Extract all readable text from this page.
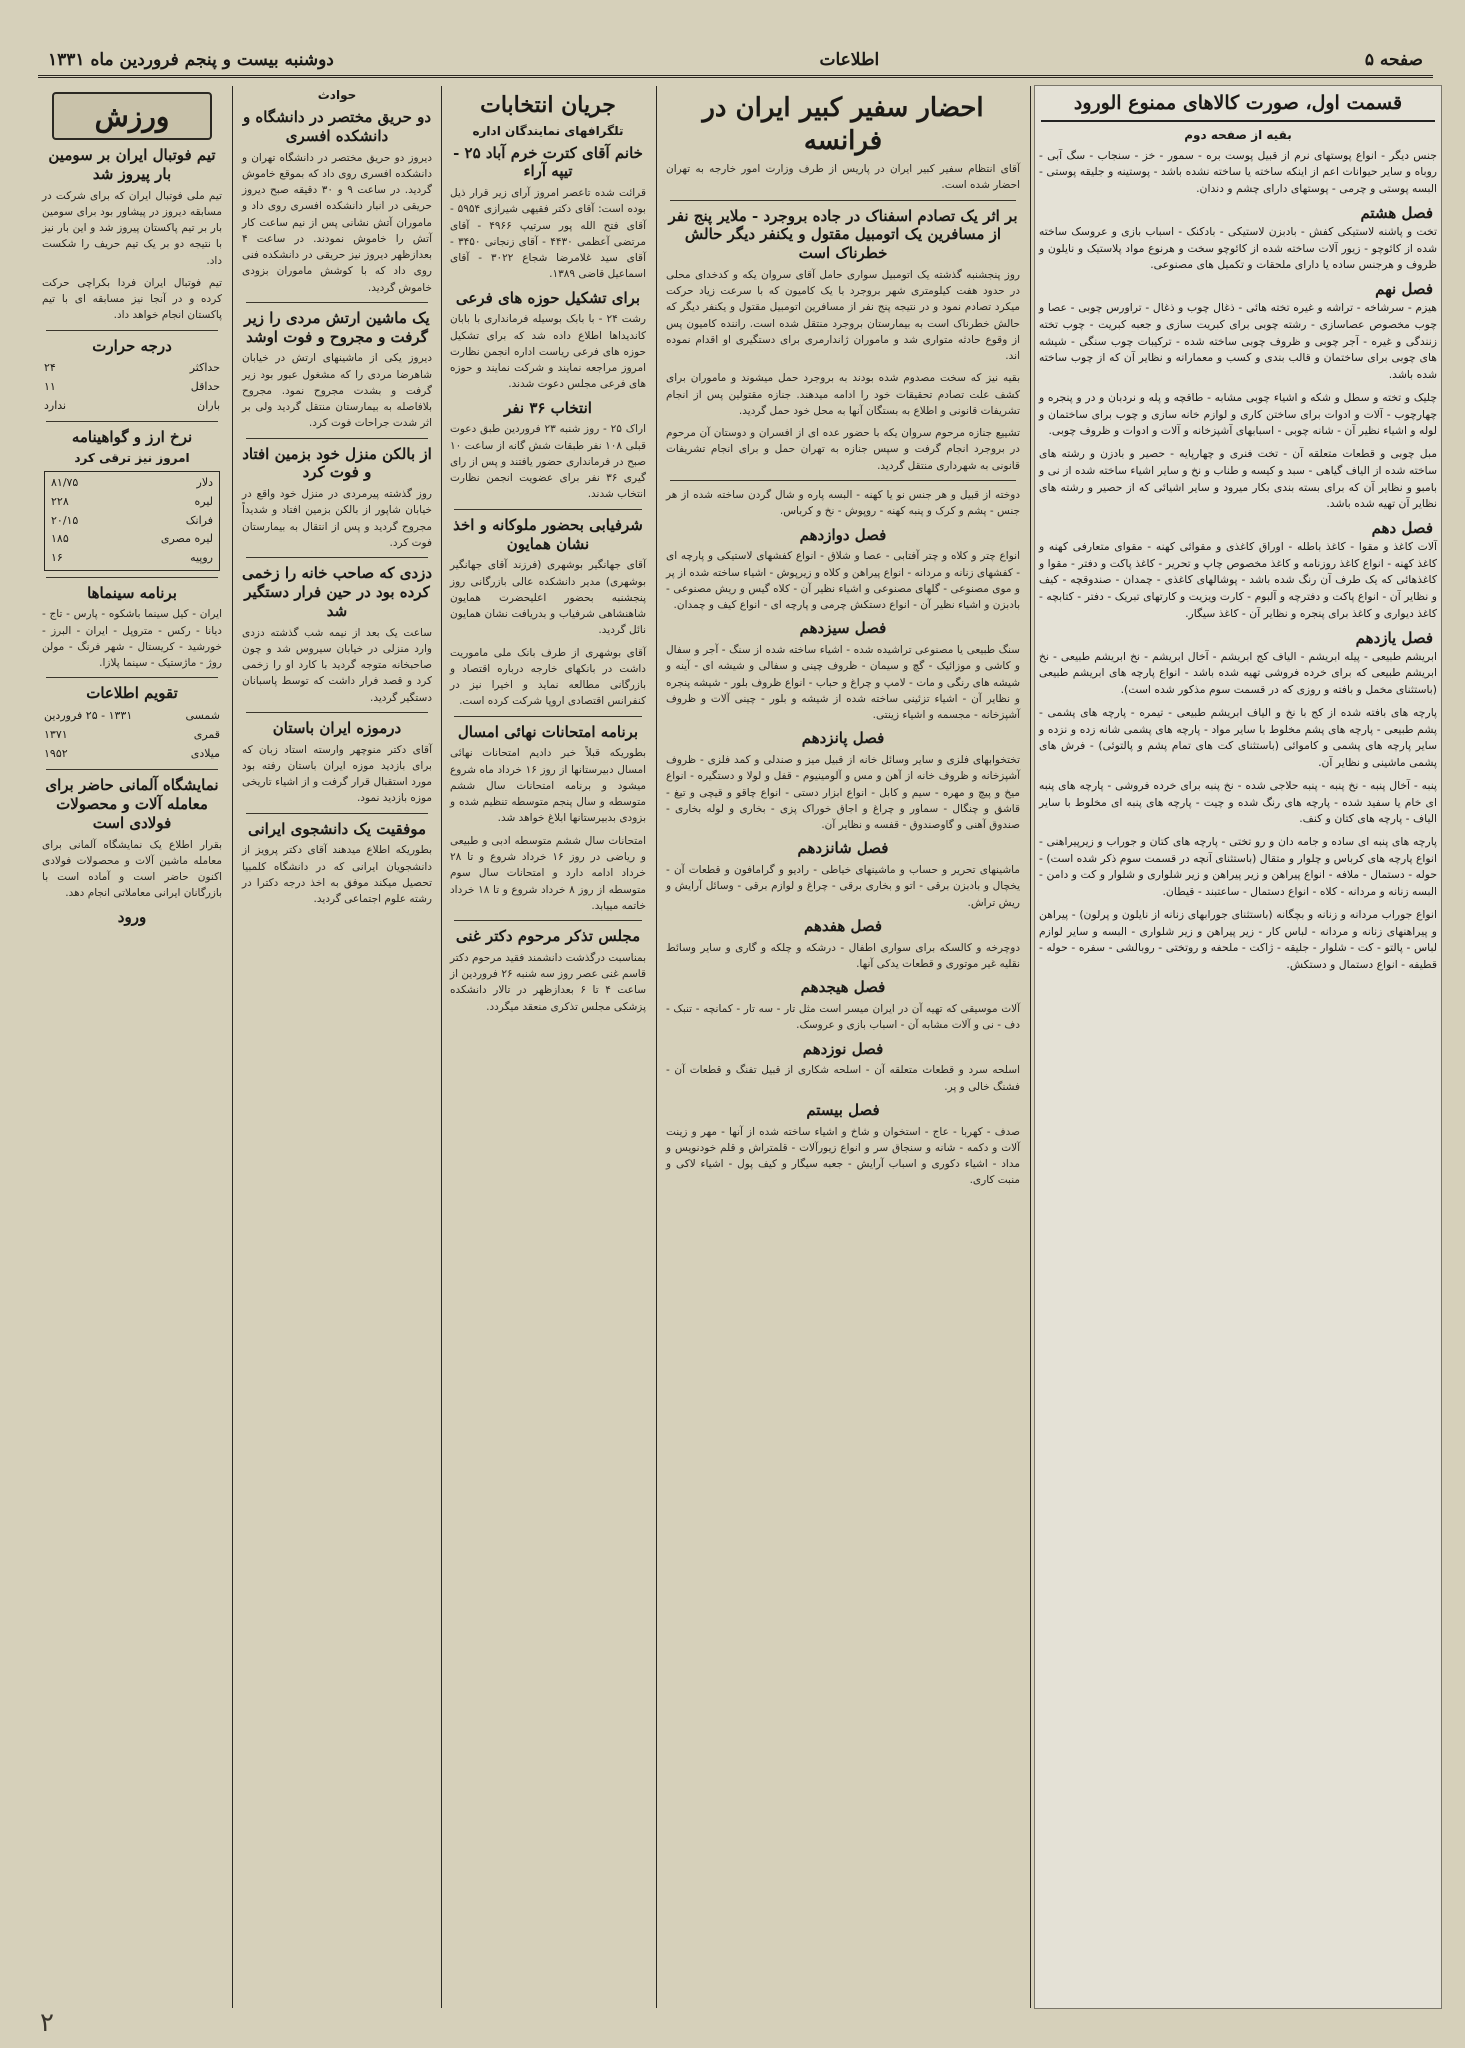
صفحه ۵
اطلاعات
دوشنبه بیست و پنجم فروردین ماه ۱۳۳۱
قسمت اول، صورت کالاهای ممنوع الورود
بقیه از صفحه دوم

جنس دیگر - انواع پوستهای نرم از قبیل پوست بره - سمور - خز - سنجاب - سگ آبی - روباه و سایر حیوانات اعم از اینکه ساخته یا ساخته نشده باشد - پوستینه و جلیقه پوستی - البسه پوستی و چرمی - پوستهای دارای چشم و دندان.

فصل هشتم

تخت و پاشنه لاستیکی کفش - بادبزن لاستیکی - بادکنک - اسباب بازی و عروسک ساخته شده از کائوچو - زیور آلات ساخته شده از کائوچو سخت و هرنوع مواد پلاستیک و نایلون و ظروف و هرجنس ساده یا دارای ملحقات و تکمیل های مصنوعی.

فصل نهم

هیزم - سرشاخه - تراشه و غیره تخته هائی - ذغال چوب و ذغال - تراورس چوبی - عصا و چوب مخصوص عصاسازی - رشته چوبی برای کبریت سازی و جعبه کبریت - چوب تخته زنندگی و غیره - آجر چوبی و ظروف چوبی ساخته شده - ترکیبات چوب سنگی - شیشه های چوبی برای ساختمان و قالب بندی و کسب و معمارانه و نظایر آن که از چوب ساخته شده باشد.

چلیک و تخته و سطل و شکه و اشیاء چوبی مشابه - طاقچه و پله و نردبان و در و پنجره و چهارچوب - آلات و ادوات برای ساختن کاری و لوازم خانه سازی و چوب برای ساختمان و لوله و اشیاء نظیر آن - شانه چوبی - اسبابهای آشپزخانه و آلات و ادوات و ظروف چوبی.

مبل چوبی و قطعات متعلقه آن - تخت فنری و چهارپایه - حصیر و بادزن و رشته های ساخته شده از الیاف گیاهی - سبد و کیسه و طناب و نخ و سایر اشیاء ساخته شده از نی و بامبو و نظایر آن که برای بسته بندی بکار میرود و سایر اشیائی که از حصیر و رشته های نظایر آن تهیه شده باشد.

فصل دهم

آلات کاغذ و مقوا - کاغذ باطله - اوراق کاغذی و مقوائی کهنه - مقوای متعارفی کهنه و کاغذ کهنه - انواع کاغذ روزنامه و کاغذ مخصوص چاپ و تحریر - کاغذ پاکت و دفتر - مقوا و کاغذهائی که یک طرف آن رنگ شده باشد - پوشالهای کاغذی - چمدان - صندوقچه - کیف و نظایر آن - انواع پاکت و دفترچه و آلبوم - کارت ویزیت و کارتهای تبریک - دفتر - کتابچه - کاغذ دیواری و کاغذ برای پنجره و نظایر آن - کاغذ سیگار.

فصل یازدهم

ابریشم طبیعی - پیله ابریشم - الیاف کج ابریشم - آخال ابریشم - نخ ابریشم طبیعی - نخ ابریشم طبیعی که برای خرده فروشی تهیه شده باشد - انواع پارچه های ابریشم طبیعی (باستثنای مخمل و بافته و روزی که در قسمت سوم مذکور شده است).

پارچه های بافته شده از کج با نخ و الیاف ابریشم طبیعی - تیمره - پارچه های پشمی - پشم طبیعی - پارچه های پشم مخلوط با سایر مواد - پارچه های پشمی شانه زده و نزده و سایر پارچه های پشمی و کاموائی (باستثنای کت های تمام پشم و پالتوئی) - فرش های پشمی ماشینی و نظایر آن.

پنبه - آخال پنبه - نخ پنبه - پنبه حلاجی شده - نخ پنبه برای خرده فروشی - پارچه های پنبه ای خام یا سفید شده - پارچه های رنگ شده و چیت - پارچه های پنبه ای مخلوط با سایر الیاف - پارچه های کتان و کنف.

پارچه های پنبه ای ساده و جامه دان و رو تختی - پارچه های کتان و جوراب و زیرپیراهنی - انواع پارچه های کرباس و چلوار و متقال (باستثنای آنچه در قسمت سوم ذکر شده است) - حوله - دستمال - ملافه - انواع پیراهن و زیر پیراهن و زیر شلواری و شلوار و کت و دامن - البسه زنانه و مردانه - کلاه - انواع دستمال - ساعتبند - قیطان.

انواع جوراب مردانه و زنانه و بچگانه (باستثنای جورابهای زنانه از نایلون و پرلون) - پیراهن و پیراهنهای زنانه و مردانه - لباس کار - زیر پیراهن و زیر شلواری - البسه و سایر لوازم لباس - پالتو - کت - شلوار - جلیقه - ژاکت - ملحفه و روتختی - روبالشی - سفره - حوله - قطیفه - انواع دستمال و دستکش.

احضار سفیر کبیر ایران در فرانسه

آقای انتظام سفیر کبیر ایران در پاریس از طرف وزارت امور خارجه به تهران احضار شده است.

بر اثر یک تصادم اسفناک در جاده بروجرد - ملایر پنج نفر از مسافرین یک اتومبیل مقتول و یکنفر دیگر حالش خطرناک است

روز پنجشنبه گذشته یک اتومبیل سواری حامل آقای سروان یکه و کدخدای محلی در حدود هفت کیلومتری شهر بروجرد با یک کامیون که با سرعت زیاد حرکت میکرد تصادم نمود و در نتیجه پنج نفر از مسافرین اتومبیل مقتول و یکنفر دیگر که حالش خطرناک است به بیمارستان بروجرد منتقل شده است. راننده کامیون پس از وقوع حادثه متواری شد و ماموران ژاندارمری برای دستگیری او اقدام نموده اند.

بقیه نیز که سخت مصدوم شده بودند به بروجرد حمل میشوند و ماموران برای کشف علت تصادم تحقیقات خود را ادامه میدهند. جنازه مقتولین پس از انجام تشریفات قانونی و اطلاع به بستگان آنها به محل خود حمل گردید.

تشییع جنازه مرحوم سروان یکه با حضور عده ای از افسران و دوستان آن مرحوم در بروجرد انجام گرفت و سپس جنازه به تهران حمل و برای انجام تشریفات قانونی به شهرداری منتقل گردید.

دوخته از قبیل و هر جنس نو یا کهنه - البسه پاره و شال گردن ساخته شده از هر جنس - پشم و کرک و پنبه کهنه - روپوش - نخ و کرباس.

فصل دوازدهم

انواع چتر و کلاه و چتر آفتابی - عصا و شلاق - انواع کفشهای لاستیکی و پارچه ای - کفشهای زنانه و مردانه - انواع پیراهن و کلاه و زیرپوش - اشیاء ساخته شده از پر و موی مصنوعی - گلهای مصنوعی و اشیاء نظیر آن - کلاه گیس و ریش مصنوعی - بادبزن و اشیاء نظیر آن - انواع دستکش چرمی و پارچه ای - انواع کیف و چمدان.

فصل سیزدهم

سنگ طبیعی یا مصنوعی تراشیده شده - اشیاء ساخته شده از سنگ - آجر و سفال و کاشی و موزائیک - گچ و سیمان - ظروف چینی و سفالی و شیشه ای - آینه و شیشه های رنگی و مات - لامپ و چراغ و حباب - انواع ظروف بلور - شیشه پنجره و نظایر آن - اشیاء تزئینی ساخته شده از شیشه و بلور - چینی آلات و ظروف آشپزخانه - مجسمه و اشیاء زینتی.

فصل پانزدهم

تختخوابهای فلزی و سایر وسائل خانه از قبیل میز و صندلی و کمد فلزی - ظروف آشپزخانه و ظروف خانه از آهن و مس و آلومینیوم - قفل و لولا و دستگیره - انواع میخ و پیچ و مهره - سیم و کابل - انواع ابزار دستی - انواع چاقو و قیچی و تیغ - قاشق و چنگال - سماور و چراغ و اجاق خوراک پزی - بخاری و لوله بخاری - صندوق آهنی و گاوصندوق - قفسه و نظایر آن.

فصل شانزدهم

ماشینهای تحریر و حساب و ماشینهای خیاطی - رادیو و گرامافون و قطعات آن - یخچال و بادبزن برقی - اتو و بخاری برقی - چراغ و لوازم برقی - وسائل آرایش و ریش تراش.

فصل هفدهم

دوچرخه و کالسکه برای سواری اطفال - درشکه و چلکه و گاری و سایر وسائط نقلیه غیر موتوری و قطعات یدکی آنها.

فصل هیجدهم

آلات موسیقی که تهیه آن در ایران میسر است مثل تار - سه تار - کمانچه - تنبک - دف - نی و آلات مشابه آن - اسباب بازی و عروسک.

فصل نوزدهم

اسلحه سرد و قطعات متعلقه آن - اسلحه شکاری از قبیل تفنگ و قطعات آن - فشنگ خالی و پر.

فصل بیستم

صدف - کهربا - عاج - استخوان و شاخ و اشیاء ساخته شده از آنها - مهر و زینت آلات و دکمه - شانه و سنجاق سر و انواع زیورآلات - قلمتراش و قلم خودنویس و مداد - اشیاء دکوری و اسباب آرایش - جعبه سیگار و کیف پول - اشیاء لاکی و منبت کاری.

جریان انتخابات
تلگرافهای نمایندگان اداره
خانم آقای کترت خرم آباد ۲۵ - تیپه آراء

قرائت شده تاعصر امروز آرای زیر قرار ذیل بوده است: آقای دکتر فقیهی شیرازی ۵۹۵۴ - آقای فتح الله پور سرتیپ ۴۹۶۶ - آقای مرتضی آعظمی ۴۴۳۰ - آقای زنجانی ۳۴۵۰ - آقای سید غلامرضا شجاع ۳۰۲۲ - آقای اسماعیل قاضی ۱۳۸۹.

برای تشکیل حوزه های فرعی

رشت ۲۴ - با بابک بوسیله فرمانداری با بابان کاندیداها اطلاع داده شد که برای تشکیل حوزه های فرعی ریاست اداره انجمن نظارت امروز مراجعه نمایند و شرکت نمایند و حوزه های فرعی مجلس دعوت شدند.

انتخاب ۳۶ نفر

اراک ۲۵ - روز شنبه ۲۳ فروردین طبق دعوت قبلی ۱۰۸ نفر طبقات شش گانه از ساعت ۱۰ صبح در فرمانداری حضور یافتند و پس از رای گیری ۳۶ نفر برای عضویت انجمن نظارت انتخاب شدند.

شرفیابی بحضور ملوکانه و اخذ نشان همایون

آقای جهانگیر بوشهری (فرزند آقای جهانگیر بوشهری) مدیر دانشکده عالی بازرگانی روز پنجشنبه بحضور اعلیحضرت همایون شاهنشاهی شرفیاب و بدریافت نشان همایون نائل گردید.

آقای بوشهری از طرف بانک ملی ماموریت داشت در بانکهای خارجه درباره اقتصاد و بازرگانی مطالعه نماید و اخیرا نیز در کنفرانس اقتصادی اروپا شرکت کرده است.

برنامه امتحانات نهائی امسال

بطوریکه قبلاً خبر دادیم امتحانات نهائی امسال دبیرستانها از روز ۱۶ خرداد ماه شروع میشود و برنامه امتحانات سال ششم متوسطه و سال پنجم متوسطه تنظیم شده و بزودی بدبیرستانها ابلاغ خواهد شد.

امتحانات سال ششم متوسطه ادبی و طبیعی و ریاضی در روز ۱۶ خرداد شروع و تا ۲۸ خرداد ادامه دارد و امتحانات سال سوم متوسطه از روز ۸ خرداد شروع و تا ۱۸ خرداد خاتمه مییابد.

مجلس تذکر مرحوم دکتر غنی

بمناسبت درگذشت دانشمند فقید مرحوم دکتر قاسم غنی عصر روز سه شنبه ۲۶ فروردین از ساعت ۴ تا ۶ بعدازظهر در تالار دانشکده پزشکی مجلس تذکری منعقد میگردد.

حوادث
دو حریق مختصر در دانشگاه و دانشکده افسری

دیروز دو حریق مختصر در دانشگاه تهران و دانشکده افسری روی داد که بموقع خاموش گردید. در ساعت ۹ و ۳۰ دقیقه صبح دیروز حریقی در انبار دانشکده افسری روی داد و ماموران آتش نشانی پس از نیم ساعت کار آتش را خاموش نمودند. در ساعت ۴ بعدازظهر دیروز نیز حریقی در دانشکده فنی روی داد که با کوشش ماموران بزودی خاموش گردید.

یک ماشین ارتش مردی را زیر گرفت و مجروح و فوت اوشد

دیروز یکی از ماشینهای ارتش در خیابان شاهرضا مردی را که مشغول عبور بود زیر گرفت و بشدت مجروح نمود. مجروح بلافاصله به بیمارستان منتقل گردید ولی بر اثر شدت جراحات فوت کرد.

از بالکن منزل خود بزمین افتاد و فوت کرد

روز گذشته پیرمردی در منزل خود واقع در خیابان شاپور از بالکن بزمین افتاد و شدیداً مجروح گردید و پس از انتقال به بیمارستان فوت کرد.

دزدی که صاحب خانه را زخمی کرده بود در حین فرار دستگیر شد

ساعت یک بعد از نیمه شب گذشته دزدی وارد منزلی در خیابان سیروس شد و چون صاحبخانه متوجه گردید با کارد او را زخمی کرد و قصد فرار داشت که توسط پاسبانان دستگیر گردید.

درموزه ایران باستان

آقای دکتر منوچهر وارسته استاد زبان که برای بازدید موزه ایران باستان رفته بود مورد استقبال قرار گرفت و از اشیاء تاریخی موزه بازدید نمود.

موفقیت یک دانشجوی ایرانی

بطوریکه اطلاع میدهند آقای دکتر پرویز از دانشجویان ایرانی که در دانشگاه کلمبیا تحصیل میکند موفق به اخذ درجه دکترا در رشته علوم اجتماعی گردید.

ورزش
تیم فوتبال ایران بر سومین بار پیروز شد

تیم ملی فوتبال ایران که برای شرکت در مسابقه دیروز در پیشاور بود برای سومین بار بر تیم پاکستان پیروز شد و این بار نیز با نتیجه دو بر یک تیم حریف را شکست داد.

تیم فوتبال ایران فردا بکراچی حرکت کرده و در آنجا نیز مسابقه ای با تیم پاکستان انجام خواهد داد.

درجه حرارت
حداکثر
۲۴
حداقل
۱۱
باران
ندارد
نرخ ارز و گواهینامه
امروز نیز ترقی کرد
دلار
۸۱/۷۵
لیره
۲۲۸
فرانک
۲۰/۱۵
لیره مصری
۱۸۵
روپیه
۱۶
برنامه سینماها

ایران - کیل سینما باشکوه - پارس - تاج - دیانا - رکس - متروپل - ایران - البرز - خورشید - کریستال - شهر فرنگ - مولن روژ - ماژستیک - سینما پلازا.

تقویم اطلاعات
شمسی
۱۳۳۱ - ۲۵ فروردین
قمری
۱۳۷۱
میلادی
۱۹۵۲
نمایشگاه آلمانی حاضر برای معامله آلات و محصولات فولادی است

بقرار اطلاع یک نمایشگاه آلمانی برای معامله ماشین آلات و محصولات فولادی اکنون حاضر است و آماده است با بازرگانان ایرانی معاملاتی انجام دهد.

ورود
۲
